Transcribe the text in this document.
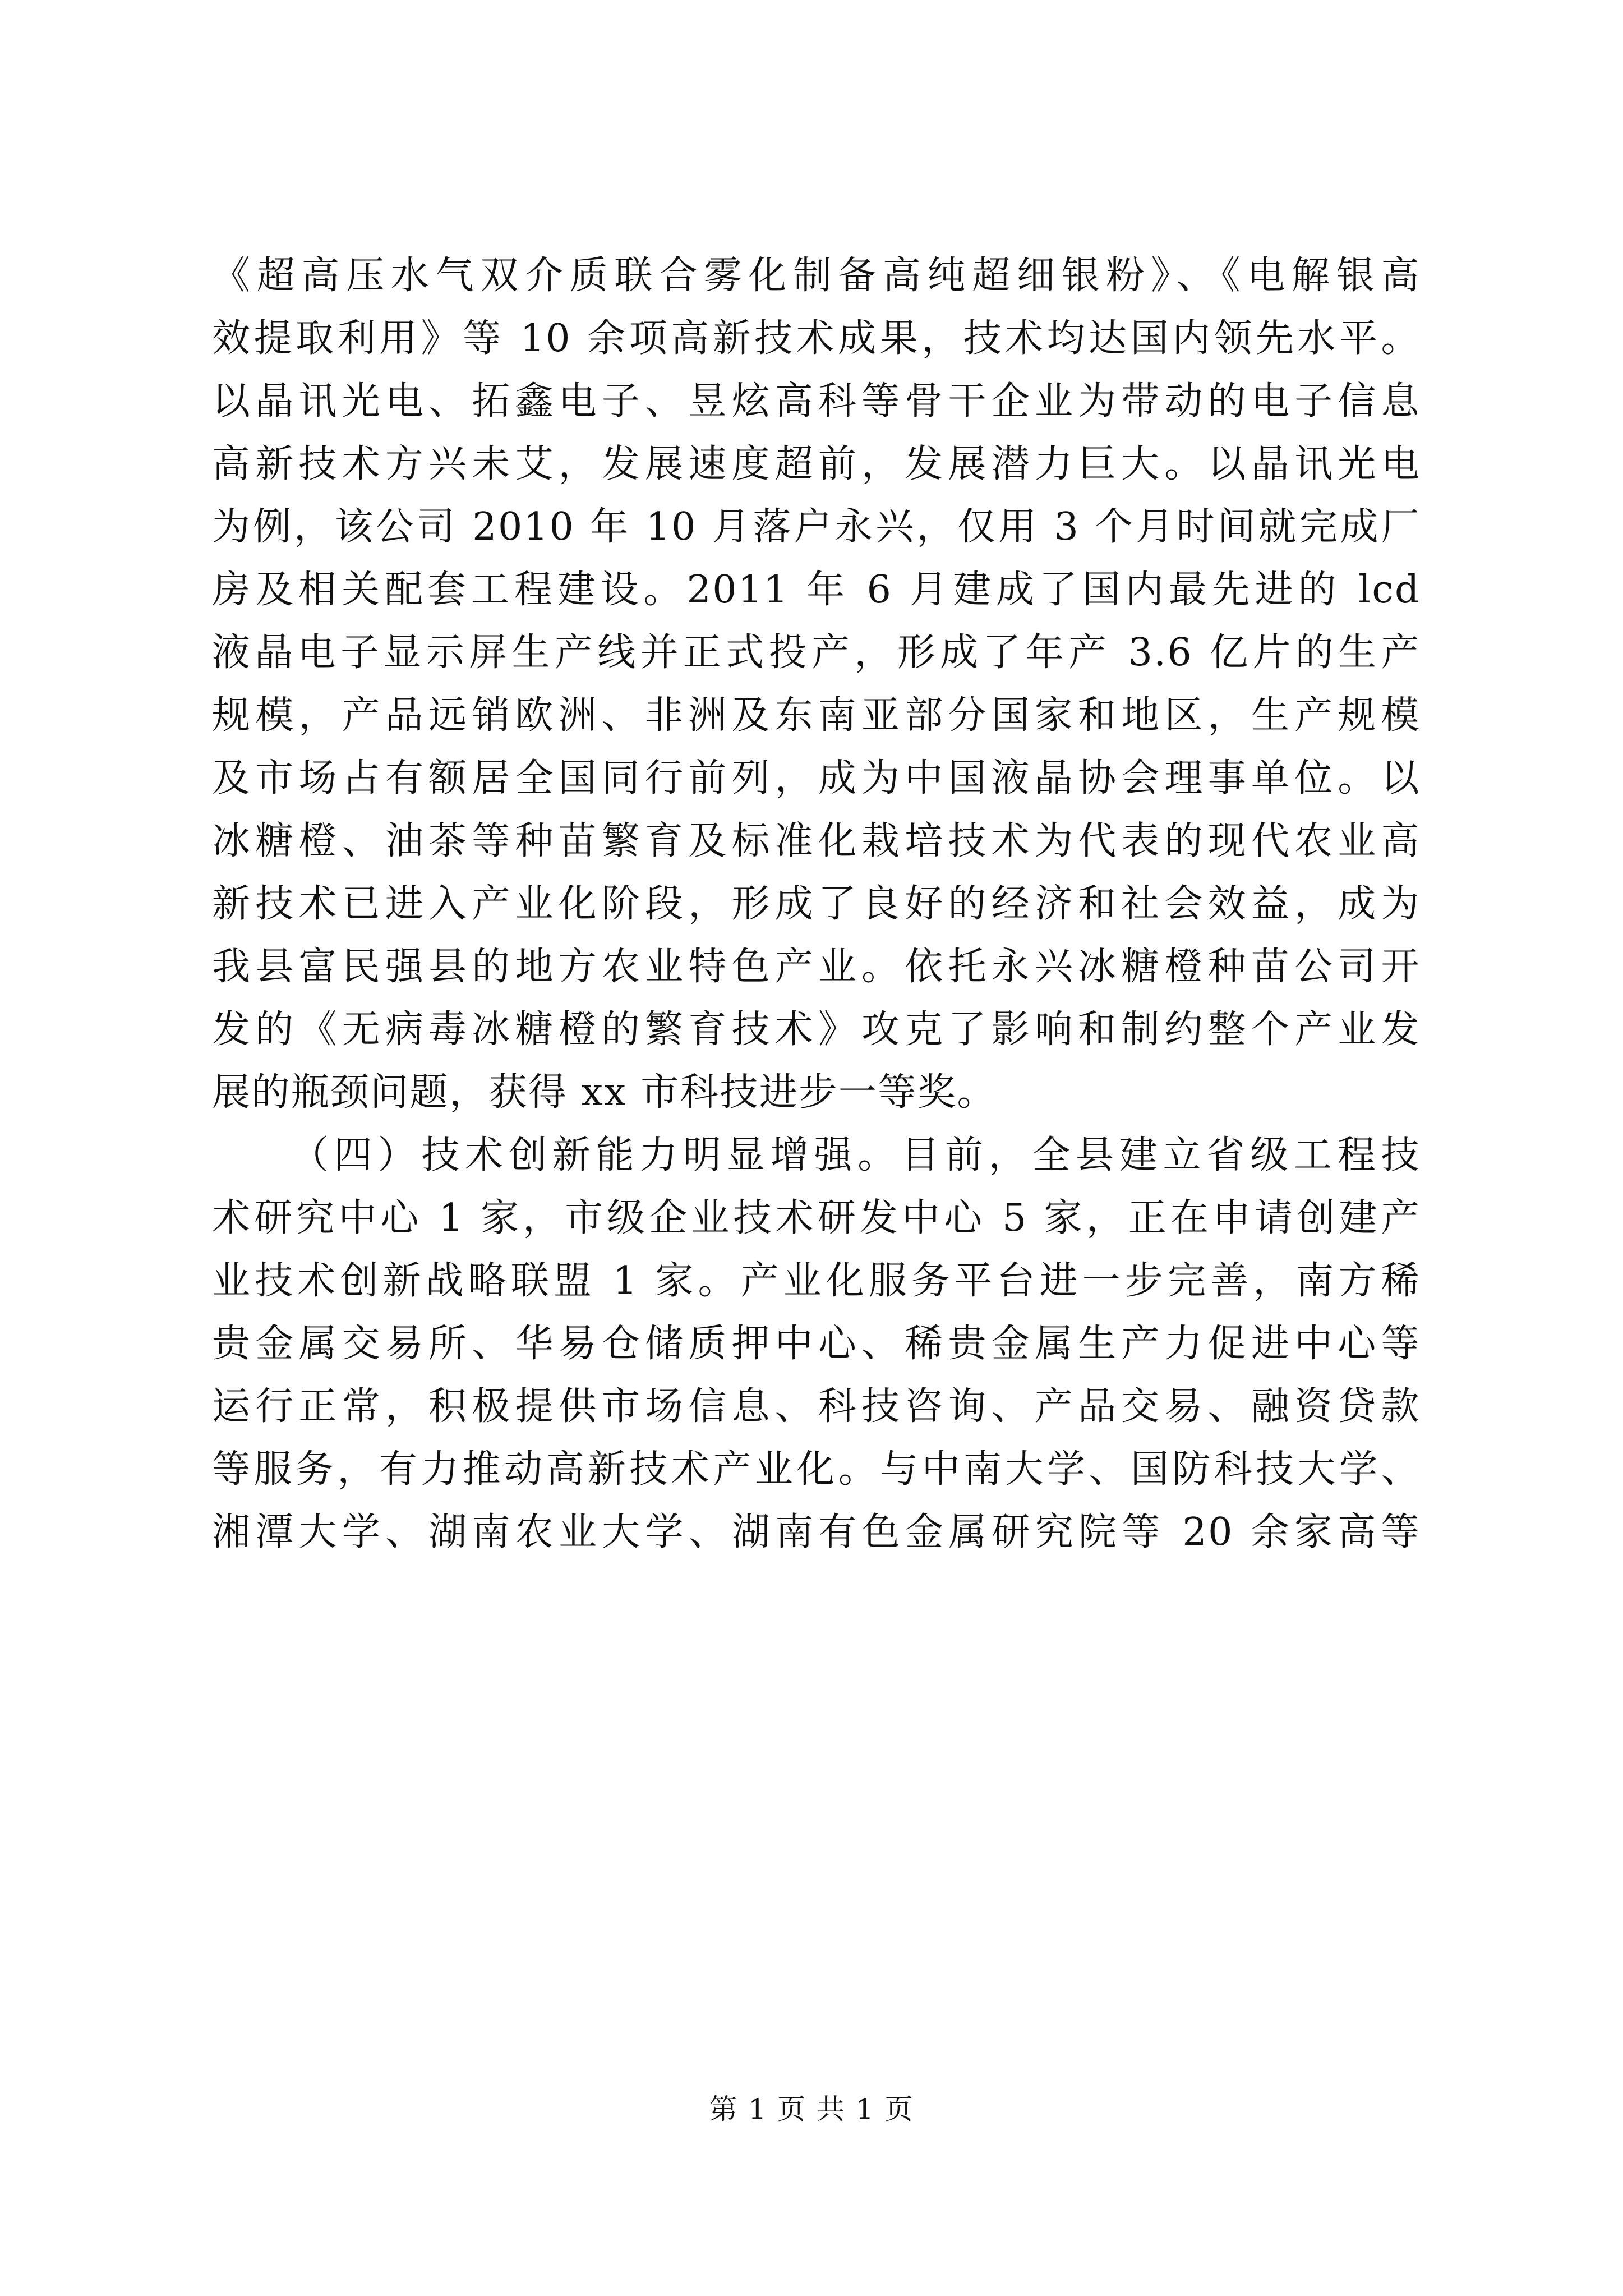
《超高压水气双介质联合雾化制备高纯超细银粉》、《电解银高
效提取利用》等 10 余项高新技术成果，技术均达国内领先水平。
以晶讯光电、拓鑫电子、昱炫高科等骨干企业为带动的电子信息
高新技术方兴未艾，发展速度超前，发展潜力巨大。以晶讯光电
为例，该公司 2010 年 10 月落户永兴，仅用 3 个月时间就完成厂
房及相关配套工程建设。2011 年 6 月建成了国内最先进的 lcd
液晶电子显示屏生产线并正式投产，形成了年产 3.6 亿片的生产
规模，产品远销欧洲、非洲及东南亚部分国家和地区，生产规模
及市场占有额居全国同行前列，成为中国液晶协会理事单位。以
冰糖橙、油茶等种苗繁育及标准化栽培技术为代表的现代农业高
新技术已进入产业化阶段，形成了良好的经济和社会效益，成为
我县富民强县的地方农业特色产业。依托永兴冰糖橙种苗公司开
发的《无病毒冰糖橙的繁育技术》攻克了影响和制约整个产业发
展的瓶颈问题，获得 xx 市科技进步一等奖。
（四）技术创新能力明显增强。目前，全县建立省级工程技
术研究中心 1 家，市级企业技术研发中心 5 家，正在申请创建产
业技术创新战略联盟 1 家。产业化服务平台进一步完善，南方稀
贵金属交易所、华易仓储质押中心、稀贵金属生产力促进中心等
运行正常，积极提供市场信息、科技咨询、产品交易、融资贷款
等服务，有力推动高新技术产业化。与中南大学、国防科技大学、
湘潭大学、湖南农业大学、湖南有色金属研究院等 20 余家高等
第 1 页 共 1 页
